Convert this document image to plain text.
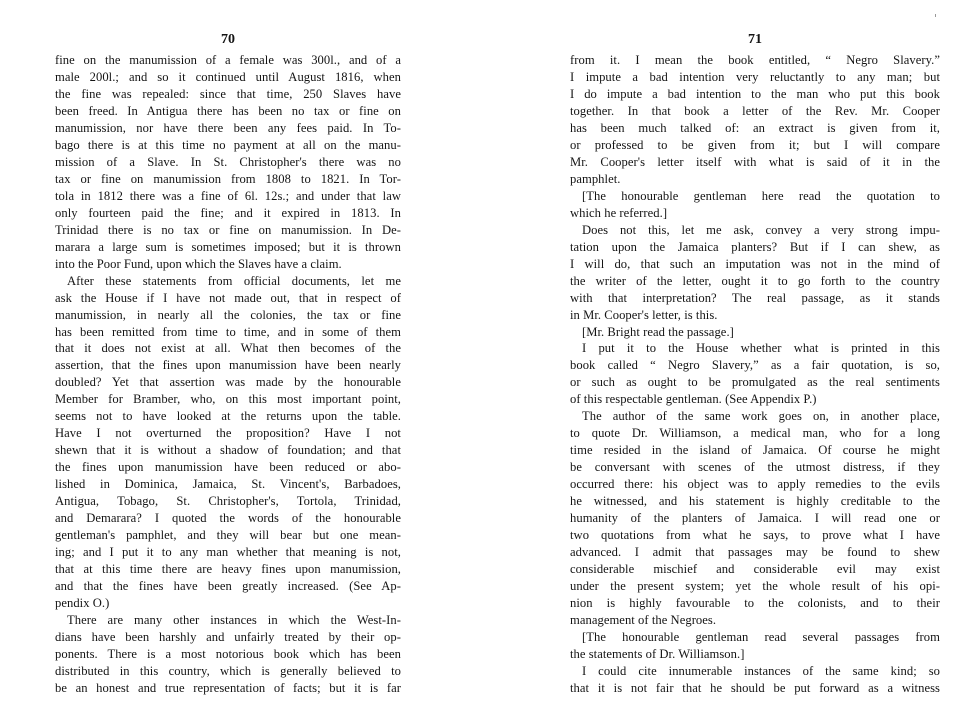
70
fine on the manumission of a female was 300l., and of a
male 200l.; and so it continued until August 1816, when
the fine was repealed: since that time, 250 Slaves have
been freed. In Antigua there has been no tax or fine on
manumission, nor have there been any fees paid. In To-
bago there is at this time no payment at all on the manu-
mission of a Slave. In St. Christopher's there was no
tax or fine on manumission from 1808 to 1821. In Tor-
tola in 1812 there was a fine of 6l. 12s.; and under that law
only fourteen paid the fine; and it expired in 1813. In
Trinidad there is no tax or fine on manumission. In De-
marara a large sum is sometimes imposed; but it is thrown
into the Poor Fund, upon which the Slaves have a claim.
After these statements from official documents, let me
ask the House if I have not made out, that in respect of
manumission, in nearly all the colonies, the tax or fine
has been remitted from time to time, and in some of them
that it does not exist at all. What then becomes of the
assertion, that the fines upon manumission have been nearly
doubled? Yet that assertion was made by the honourable
Member for Bramber, who, on this most important point,
seems not to have looked at the returns upon the table.
Have I not overturned the proposition? Have I not
shewn that it is without a shadow of foundation; and that
the fines upon manumission have been reduced or abo-
lished in Dominica, Jamaica, St. Vincent's, Barbadoes,
Antigua, Tobago, St. Christopher's, Tortola, Trinidad,
and Demarara? I quoted the words of the honourable
gentleman's pamphlet, and they will bear but one mean-
ing; and I put it to any man whether that meaning is not,
that at this time there are heavy fines upon manumission,
and that the fines have been greatly increased. (See Ap-
pendix O.)
There are many other instances in which the West-In-
dians have been harshly and unfairly treated by their op-
ponents. There is a most notorious book which has been
distributed in this country, which is generally believed to
be an honest and true representation of facts; but it is far
71
from it. I mean the book entitled, “ Negro Slavery.”
I impute a bad intention very reluctantly to any man; but
I do impute a bad intention to the man who put this book
together. In that book a letter of the Rev. Mr. Cooper
has been much talked of: an extract is given from it,
or professed to be given from it; but I will compare
Mr. Cooper's letter itself with what is said of it in the
pamphlet.
[The honourable gentleman here read the quotation to
which he referred.]
Does not this, let me ask, convey a very strong impu-
tation upon the Jamaica planters? But if I can shew, as
I will do, that such an imputation was not in the mind of
the writer of the letter, ought it to go forth to the country
with that interpretation? The real passage, as it stands
in Mr. Cooper's letter, is this.
[Mr. Bright read the passage.]
I put it to the House whether what is printed in this
book called “ Negro Slavery,” as a fair quotation, is so,
or such as ought to be promulgated as the real sentiments
of this respectable gentleman. (See Appendix P.)
The author of the same work goes on, in another place,
to quote Dr. Williamson, a medical man, who for a long
time resided in the island of Jamaica. Of course he might
be conversant with scenes of the utmost distress, if they
occurred there: his object was to apply remedies to the evils
he witnessed, and his statement is highly creditable to the
humanity of the planters of Jamaica. I will read one or
two quotations from what he says, to prove what I have
advanced. I admit that passages may be found to shew
considerable mischief and considerable evil may exist
under the present system; yet the whole result of his opi-
nion is highly favourable to the colonists, and to their
management of the Negroes.
[The honourable gentleman read several passages from
the statements of Dr. Williamson.]
I could cite innumerable instances of the same kind; so
that it is not fair that he should be put forward as a witness
